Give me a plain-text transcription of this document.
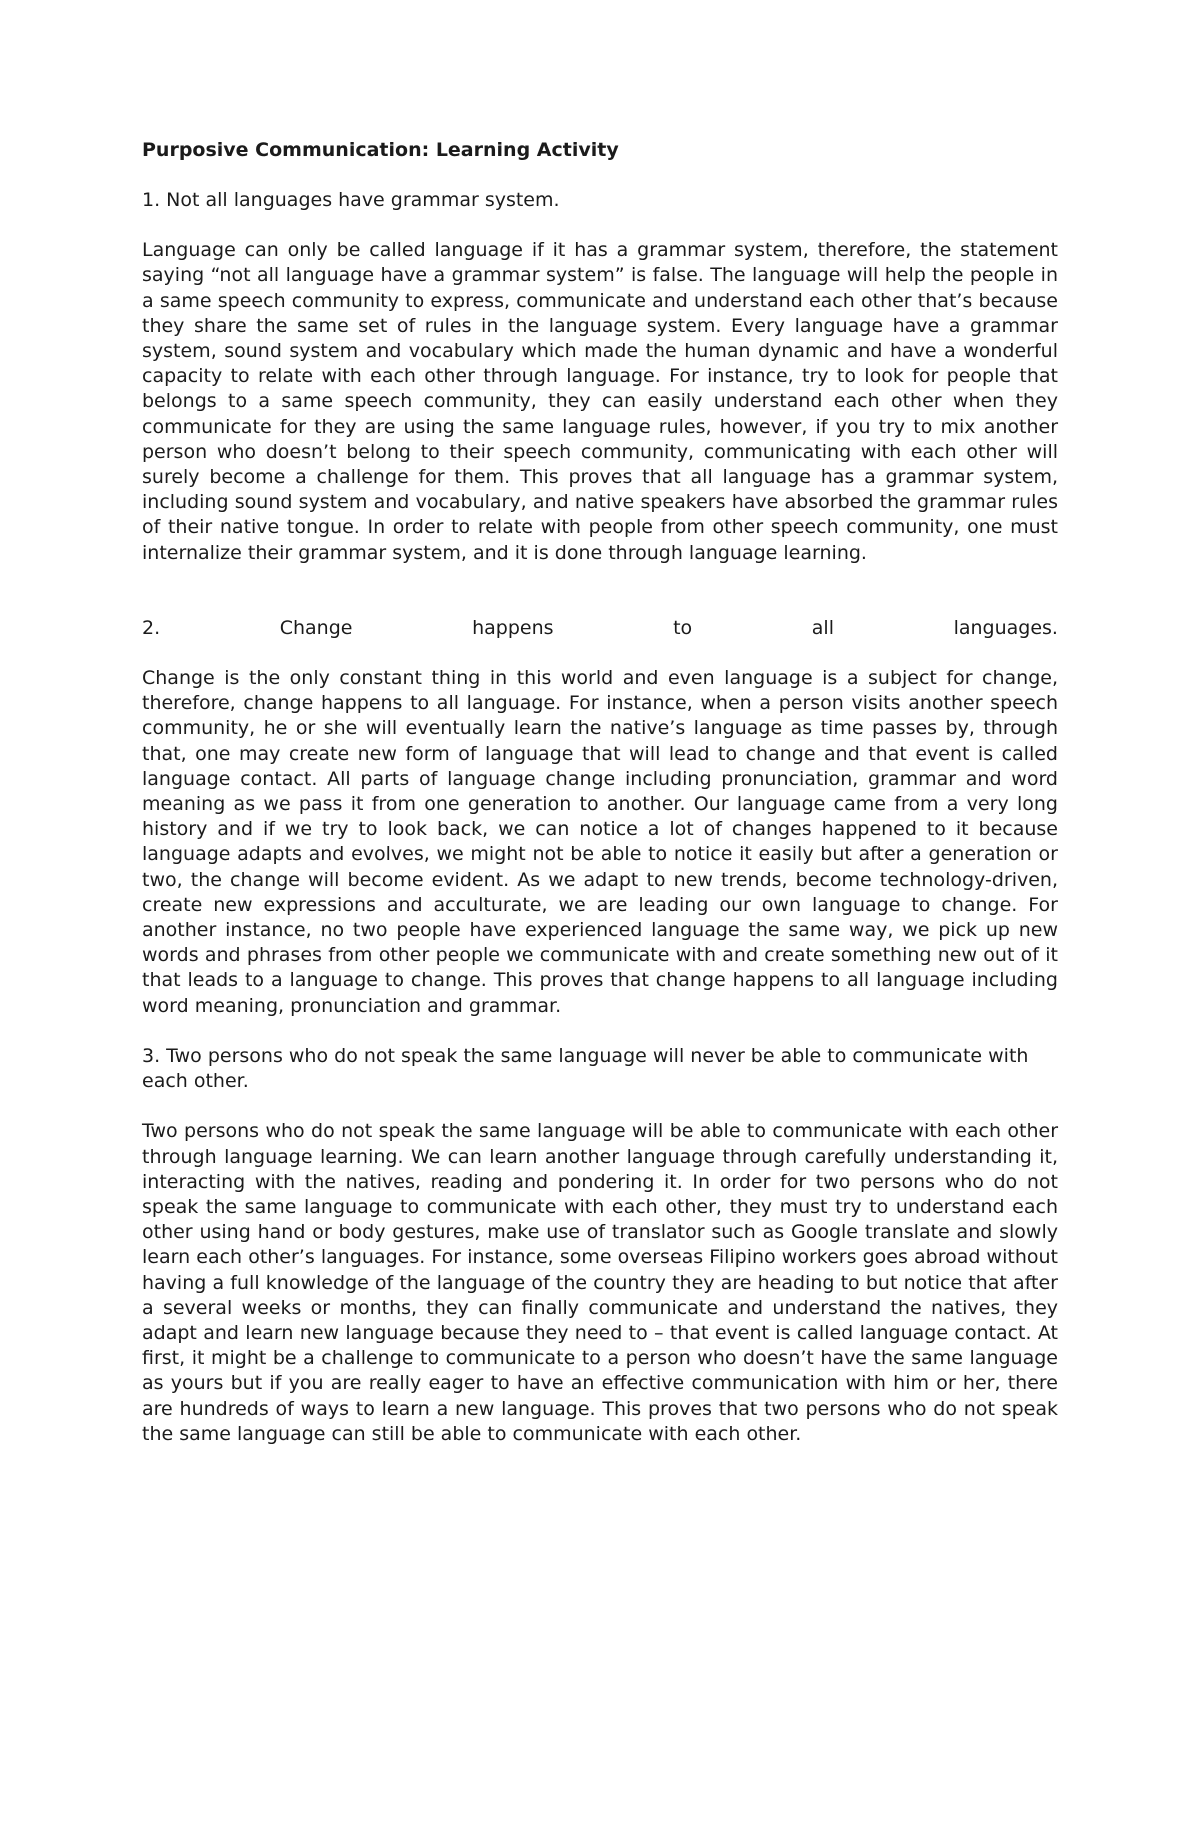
Purposive Communication: Learning Activity

1. Not all languages have grammar system.

Language can only be called language if it has a grammar system, therefore, the statement saying “not all language have a grammar system” is false. The language will help the people in a same speech community to express, communicate and understand each other that’s because they share the same set of rules in the language system. Every language have a grammar system, sound system and vocabulary which made the human dynamic and have a wonderful capacity to relate with each other through language. For instance, try to look for people that belongs to a same speech community, they can easily understand each other when they communicate for they are using the same language rules, however, if you try to mix another person who doesn’t belong to their speech community, communicating with each other will surely become a challenge for them. This proves that all language has a grammar system, including sound system and vocabulary, and native speakers have absorbed the grammar rules of their native tongue. In order to relate with people from other speech community, one must internalize their grammar system, and it is done through language learning.

2.	Change	happens	to	all	languages.

Change is the only constant thing in this world and even language is a subject for change, therefore, change happens to all language. For instance, when a person visits another speech community, he or she will eventually learn the native’s language as time passes by, through that, one may create new form of language that will lead to change and that event is called language contact. All parts of language change including pronunciation, grammar and word meaning as we pass it from one generation to another. Our language came from a very long history and if we try to look back, we can notice a lot of changes happened to it because language adapts and evolves, we might not be able to notice it easily but after a generation or two, the change will become evident. As we adapt to new trends, become technology-driven, create new expressions and acculturate, we are leading our own language to change. For another instance, no two people have experienced language the same way, we pick up new words and phrases from other people we communicate with and create something new out of it that leads to a language to change. This proves that change happens to all language including word meaning, pronunciation and grammar.

3. Two persons who do not speak the same language will never be able to communicate with each other.

Two persons who do not speak the same language will be able to communicate with each other through language learning. We can learn another language through carefully understanding it, interacting with the natives, reading and pondering it. In order for two persons who do not speak the same language to communicate with each other, they must try to understand each other using hand or body gestures, make use of translator such as Google translate and slowly learn each other’s languages. For instance, some overseas Filipino workers goes abroad without having a full knowledge of the language of the country they are heading to but notice that after a several weeks or months, they can finally communicate and understand the natives, they adapt and learn new language because they need to – that event is called language contact. At first, it might be a challenge to communicate to a person who doesn’t have the same language as yours but if you are really eager to have an effective communication with him or her, there are hundreds of ways to learn a new language. This proves that two persons who do not speak the same language can still be able to communicate with each other.
